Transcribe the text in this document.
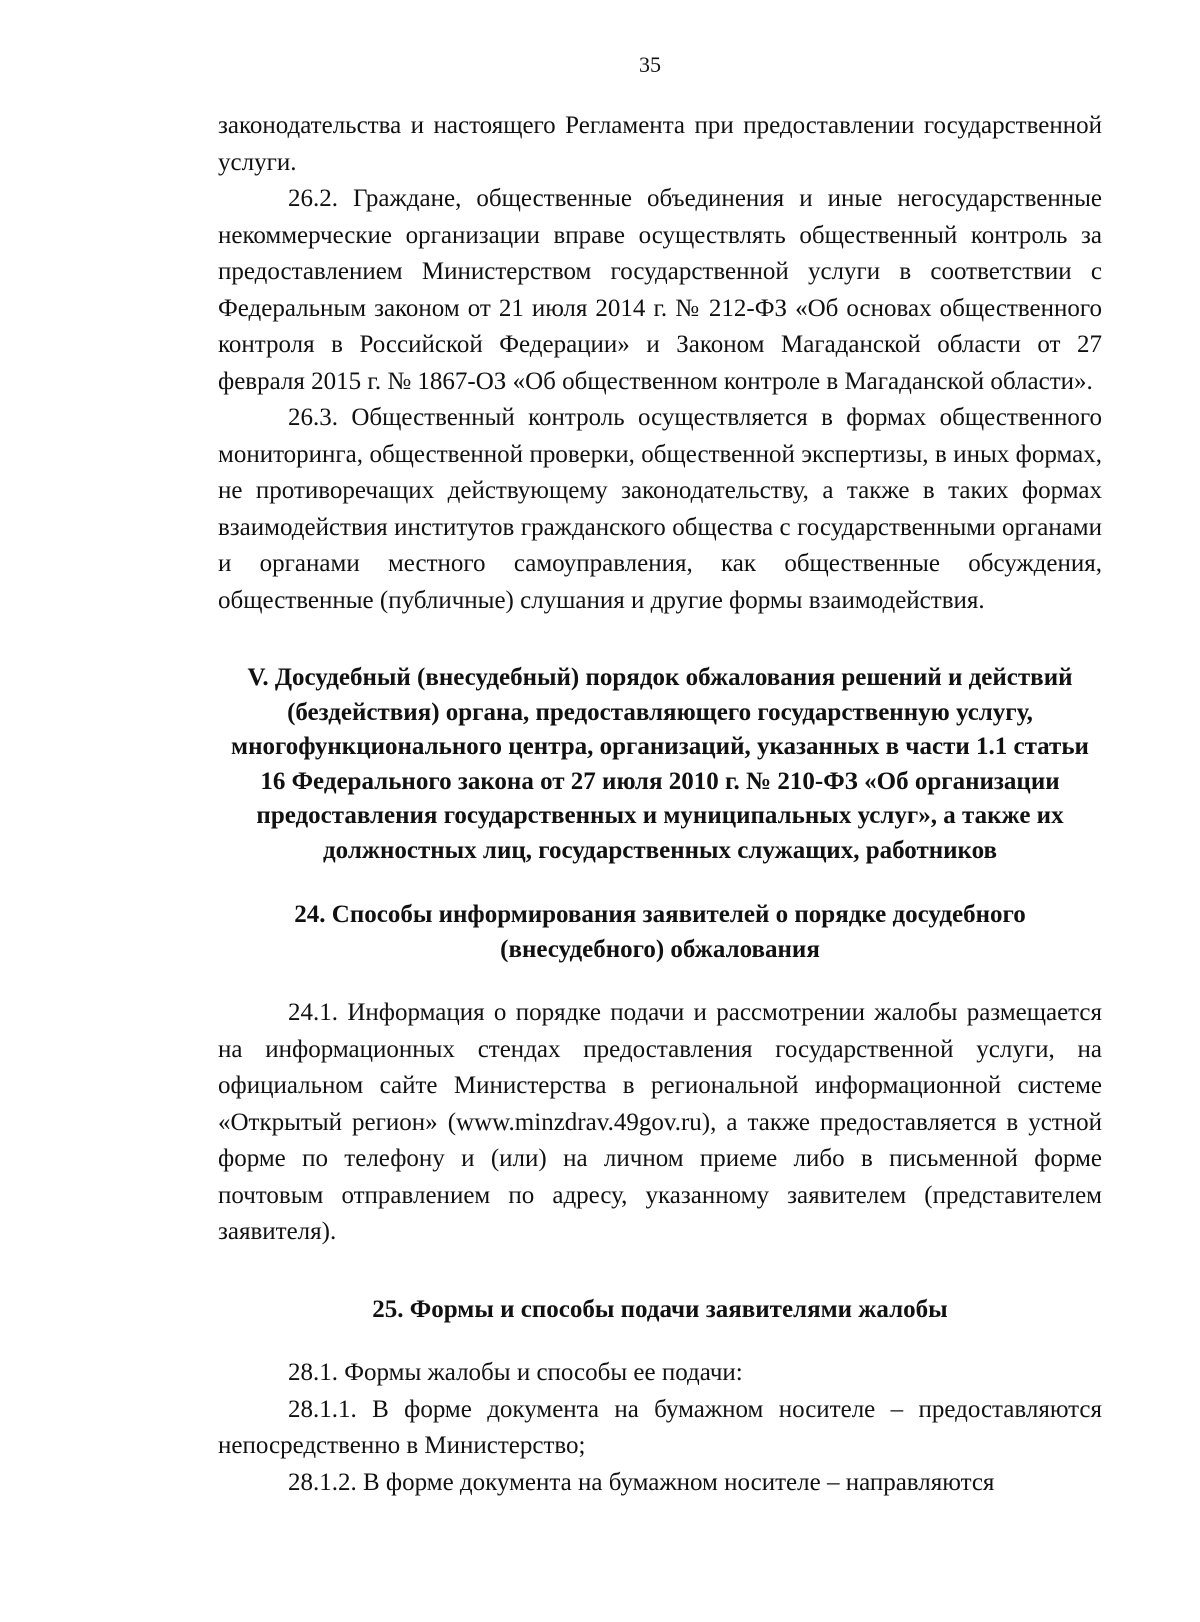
35

законодательства и настоящего Регламента при предоставлении государственной услуги.

26.2. Граждане, общественные объединения и иные негосударственные некоммерческие организации вправе осуществлять общественный контроль за предоставлением Министерством государственной услуги в соответствии с Федеральным законом от 21 июля 2014 г. № 212-ФЗ «Об основах общественного контроля в Российской Федерации» и Законом Магаданской области от 27 февраля 2015 г. № 1867-ОЗ «Об общественном контроле в Магаданской области».

26.3. Общественный контроль осуществляется в формах общественного мониторинга, общественной проверки, общественной экспертизы, в иных формах, не противоречащих действующему законодательству, а также в таких формах взаимодействия институтов гражданского общества с государственными органами и органами местного самоуправления, как общественные обсуждения, общественные (публичные) слушания и другие формы взаимодействия.

V. Досудебный (внесудебный) порядок обжалования решений и действий (бездействия) органа, предоставляющего государственную услугу, многофункционального центра, организаций, указанных в части 1.1 статьи 16 Федерального закона от 27 июля 2010 г. № 210-ФЗ «Об организации предоставления государственных и муниципальных услуг», а также их должностных лиц, государственных служащих, работников

24. Способы информирования заявителей о порядке досудебного (внесудебного) обжалования

24.1. Информация о порядке подачи и рассмотрении жалобы размещается на информационных стендах предоставления государственной услуги, на официальном сайте Министерства в региональной информационной системе «Открытый регион» (www.minzdrav.49gov.ru), а также предоставляется в устной форме по телефону и (или) на личном приеме либо в письменной форме почтовым отправлением по адресу, указанному заявителем (представителем заявителя).

25. Формы и способы подачи заявителями жалобы

28.1. Формы жалобы и способы ее подачи:

28.1.1. В форме документа на бумажном носителе – предоставляются непосредственно в Министерство;

28.1.2. В форме документа на бумажном носителе – направляются
